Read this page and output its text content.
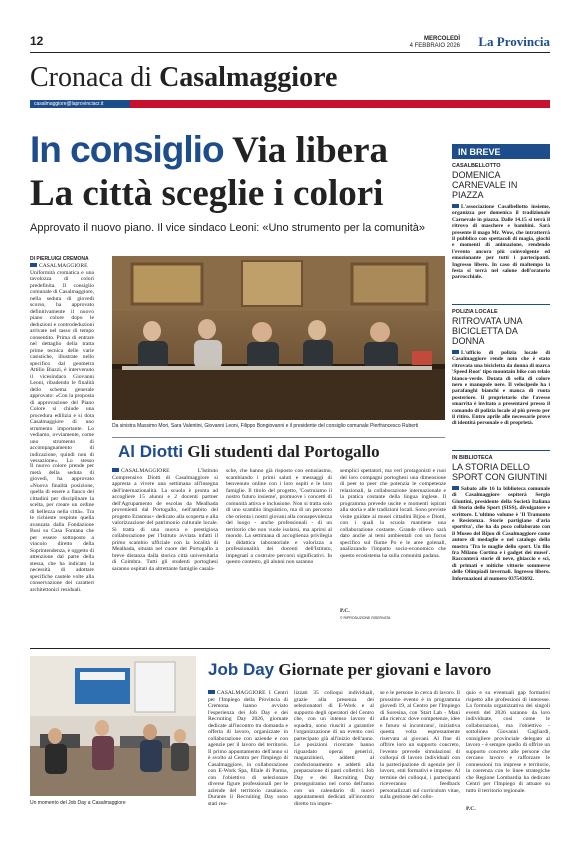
12	MERCOLEDÌ
4 FEBBRAIO 2026 La Provincia
Cronaca di Casalmaggiore
casalmaggiore@laprovinciacr.it
In consiglio Via libera
La città sceglie i colori
Approvato il nuovo piano. Il vice sindaco Leoni: «Uno strumento per la comunità»
DI PIERLUIGI CREMONA
CASALMAGGIORE Uniformità cromatica e una tavolozza di colori predefinita. Il consiglio comunale di Casalmaggiore, nella seduta di giovedì scorso, ha approvato definitivamente il nuovo piano colore dopo le deduzioni e controdeduzioni arrivate nel tasso di tempo consentito. Prima di entrare nel dettaglio della tratta prime tecnica delle varie casistiche, illustrate nello specifico dal geometra Attilio Biazzi, è intervenuto il vicesindaco Giovanni Leoni, ribadendo le finalità dello schema generale approvato: «Con la proposta di approvazione del Piano Colore si chiude una procedura edilizia e si dota Casalmaggiore di uno strumento importante. Lo vediamo, ovviamente, come uno strumento di accompagnamento di indicazione, quindi non di vessazione». Lo stesso
Il nuovo colore prende per metà della seduta di giovedì, ha approvato «Nuova finalità posizione, quella di essere a fianco dei cittadini per disciplinare la scelta, per creare un ordine di bellezza nella città». Tra le richieste respinte quella avanzata dalla Fondazione Busi su Casa Fontana che per essere sottoposto a vincolo diretto della Soprintendenza, è oggetto di attenzione dal parte della stessa, che ha indicato la necessità di adottare specifiche cautele volte alla conservazione dei caratteri architettonici residuali.
Da sinistra Massimo Mori, Sara Valentini, Giovanni Leoni, Filippo Bongiovanni e il presidente del consiglio comunale Pierfrancesco Ruberti
Al Diotti Gli studenti dal Portogallo
CASALMAGGIORE L'Istituto Comprensivo Diotti di Casalmaggiore si appresta a vivere una settimana all'insegna dell'internazionalità. La scuola è pronta ad accogliere 15 alunni e 2 docenti partner dell'Agrupamento de escolas da Mealhada provenienti dal Portogallo, nell'ambito del progetto Erasmus+ dedicato alla scoperta e alla valorizzazione del patrimonio culturale locale. Si tratta di una nuova e prestigiosa collaborazione per l'Istituto avviata infatti il primo scambio ufficiale con la località di Mealhada, situata nel cuore del Portogallo a breve distanza dalla storica città universitaria di Coimbra. Tutti gli studenti portoghesi saranno ospitati da altrettante famiglie casala-
sche, che hanno già risposto con entusiasmo, scambiando i primi saluti e messaggi di benvenuto online con i loro ospiti e le loro famiglie. Il titolo del progetto, 'Costruiamo il nostro futuro insieme', promuove i concetti di comunità attiva e inclusione. Non si tratta solo di uno scambio linguistico, ma di un percorso che orienta i nostri giovani alla consapevolezza del luogo - anche professionali - di un territorio che non vuole isolarsi, ma aprirsi al mondo. La settimana di accoglienza privilegia la didattica laboratoriale e valorizza a professionalità dei docenti dell'Istituto, impegnati a costruire percorsi significativi. In questo contesto, gli alunni non saranno
semplici spettatori, ma veri protagonisti e ruoi del loro compagni portoghesi una dimensione di peer to peer che potenzia le competenze relazionali, la collaborazione internazionale e la pratica costante della lingua inglese. Il programma prevede uscite e momenti ispirati alla storia e alle tradizioni locali. Sono previste visite guidate ai musei cittadini Bijou e Diotti, con i quali la scuola mantiene una collaborazione costante. Grande rilievo sarà dato anche ai temi ambientali con un focus specifico sul fiume Po e le aree golenali, analizzando l'impatto socio-economico che questo ecosistema ha sulla comunità padana.
P.C.
© RIPRODUZIONE RISERVATA
IN BREVE
CASALBELLOTTO
DOMENICA CARNEVALE IN PIAZZA
L'associazione Casalbellotto insieme, organizza per domenica il tradizionale Carnevale in piazza. Dalle 14.15 si terrà il ritrovo di maschere e bambini. Sarà presente il mago Mr. Wow, che intratterrà il pubblico con spettacoli di magia, giochi e momenti di animazione, rendendo l'evento ancora più coinvolgente ed emozionante per tutti i partecipanti. Ingresso libero. In caso di maltempo la festa si terrà nel salone dell'oratorio parrocchiale.
POLIZIA LOCALE
RITROVATA UNA BICICLETTA DA DONNA
L'ufficio di polizia locale di Casalmaggiore rende noto che è stato ritrovata una bicicletta da donna di marca 'Speed Root' tipo mountain bike con telaio bianco-verde. Dotata di sella di colore nero e manopole nere. Il velocipede ha i parafanghi bianchi e manca di ruota posteriore. Il proprietario che l'avesse smarrita è invitato a presentarsi presso il comando di polizia locale al più presto per il ritiro. Entro aprile alle necessarie prove di identità personale e di proprietà.
IN BIBLIOTECA
LA STORIA DELLO SPORT CON GIUNTINI
Sabato alle 16 la biblioteca comunale di Casalmaggiore ospiterà Sergio Giuntini, presidente della Società Italiana di Storia dello Sport (SISS), divulgatore e scrittore. L'ultimo volume è 'Il Tramonto e Resistenza. Storie partigiane d'aria sportiva', che ha da poco collaborato con il Museo del Bijou di Casalmaggiore come autore di medaglie e nel catalogo della mostra 'Tra le maglie dello sport. Un filo fra Milano Cortina e i gadget dei musei'. Racconterà storie di neve, ghiaccio e sci, di primati e mitiche vittorie sommerse delle Olimpiadi invernali. Ingresso libero. Informazioni al numero 037543692.
Un momento del Job Day a Casalmaggiore
Job Day Giornate per giovani e lavoro
CASALMAGGIORE I Centri per l'Impiego della Provincia di Cremona hanno avviato l'esperienza dei Job Day e dei Recruiting Day 2026, giornate dedicate all'incontro tra domanda e offerta di lavoro, organizzate in collaborazione con aziende e con agenzie per il lavoro del territorio. Il primo appuntamento dell'anno si è svolto al Centro per l'Impiego di Casalmaggiore, in collaborazione con E-Work Spa, filiale di Parma, con l'obiettivo di selezionare diverse figure professionali per le aziende del territorio casalasco. Durante il Recruiting Day sono stati rea-
lizzati 35 colloqui individuali, grazie alla presenza dei selezionatori di E-Work e al supporto degli operatori del Centro che, con un intenso lavoro di squadra, sono riusciti a garantire l'organizzazione di un evento così partecipato già all'inizio dell'anno. Le posizioni ricercate hanno riguardato operai generici, magazzinieri, addetti al confezionamento e addetti alla preparazione di pasti collettivi. Job Day e dei Recruiting Day proseguiranno nel corso dell'anno con un calendario di nuovi appuntamenti dedicati all'incontro diretto tra impre-
se e le persone in cerca di lavoro. Il prossimo evento è in programma giovedì 19, al Centro per l'Impiego di Soresina, con 'Start Lab - Mani alla ricerca: dove competenze, idee e futuro si incontrano', iniziativa questa volta espressamente riservata ai giovani. Al fine di offrire loro un supporto concreto, l'evento prevede simulazioni di colloqui di lavoro individuali con la partecipazione di agenzie per il lavoro, enti formativi e imprese. Al termine dei colloqui, i partecipanti riceveranno feedback personalizzati sul curriculum vitae, sulla gestione del collo-
quio e su eventuali gap formativi rispetto alle professioni di interesse. La formula organizzativa dei singoli eventi del 2026 saranno da loro individuate, così come le collaborazioni, ma l'obiettivo - sottolinea Giovanni Gagliardi, consigliere provinciale delegato al lavoro - è sempre quello di offrire un supporto concreto alle persone che cercano lavoro e rafforzare le connessioni tra imprese e territorio, in coerenza con le linee strategiche che Regione Lombardia ha dedicato Centri per l'Impiego di attuare su tutto il territorio regionale.
P.C.
